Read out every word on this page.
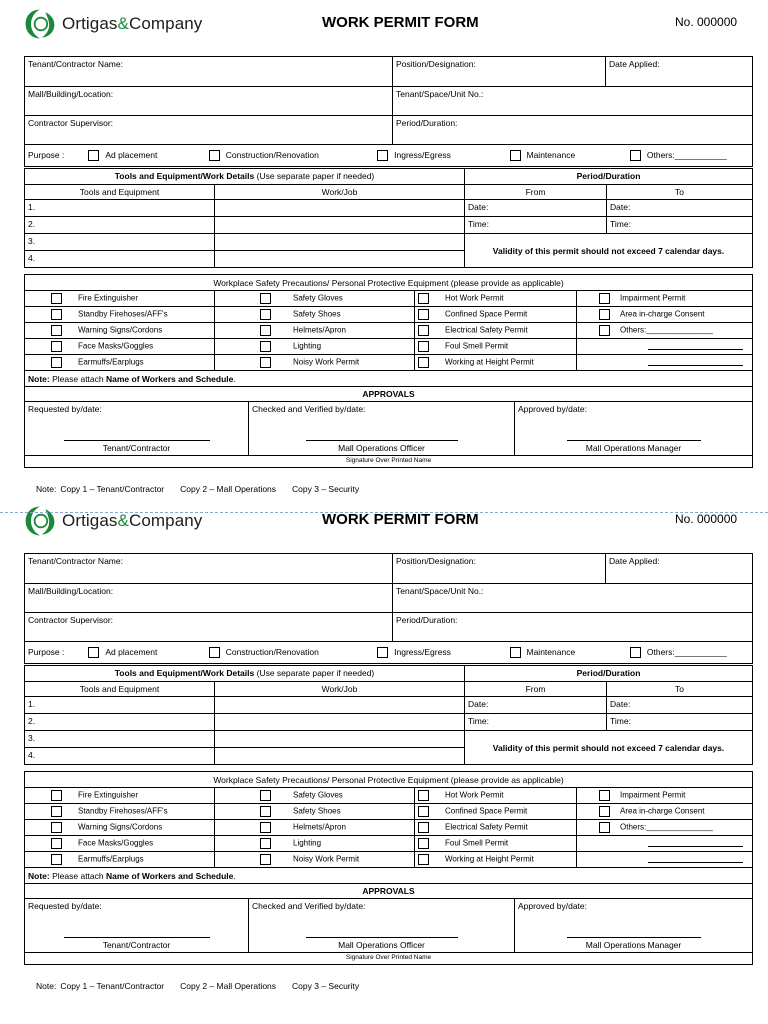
Ortigas&Company	WORK PERMIT FORM	No. 000000
Tenant/Contractor Name:	Position/Designation:	Date Applied:
Mall/Building/Location:	Tenant/Space/Unit No.:	
Contractor Supervisor:	Period/Duration:	
Purpose : Ad placement Construction/Renovation Ingress/Egress Maintenance Others:___________		
Tools and Equipment/Work Details (Use separate paper if needed)		Period/Duration	
Tools and Equipment	Work/Job	From	To
1.		Date:	Date:
2.		Time:	Time:
3.		Validity of this permit should not exceed 7 calendar days.	
4.			
Workplace Safety Precautions/ Personal Protective Equipment (please provide as applicable)			
Fire Extinguisher	Safety Gloves	Hot Work Permit	Impairment Permit
Standby Firehoses/AFF's	Safety Shoes	Confined Space Permit	Area in-charge Consent
Warning Signs/Cordons	Helmets/Apron	Electrical Safety Permit	Others:_______________
Face Masks/Goggles	Lighting	Foul Smell Permit	

Earmuffs/Earplugs	Noisy Work Permit	Working at Height Permit	

Note: Please attach Name of Workers and Schedule.			
APPROVALS

Requested by/date:
Tenant/Contractor

Checked and Verified by/date:
Mall Operations Officer

Approved by/date:
Mall Operations Manager

Signature Over Printed Name
Note: Copy 1 – Tenant/Contractor Copy 2 – Mall Operations Copy 3 – Security
Ortigas&Company	WORK PERMIT FORM	No. 000000
Tenant/Contractor Name:	Position/Designation:	Date Applied:
Mall/Building/Location:	Tenant/Space/Unit No.:	
Contractor Supervisor:	Period/Duration:	
Purpose : Ad placement Construction/Renovation Ingress/Egress Maintenance Others:___________		
Tools and Equipment/Work Details (Use separate paper if needed)		Period/Duration	
Tools and Equipment	Work/Job	From	To
1.		Date:	Date:
2.		Time:	Time:
3.		Validity of this permit should not exceed 7 calendar days.	
4.			
Workplace Safety Precautions/ Personal Protective Equipment (please provide as applicable)			
Fire Extinguisher	Safety Gloves	Hot Work Permit	Impairment Permit
Standby Firehoses/AFF's	Safety Shoes	Confined Space Permit	Area in-charge Consent
Warning Signs/Cordons	Helmets/Apron	Electrical Safety Permit	Others:_______________
Face Masks/Goggles	Lighting	Foul Smell Permit	

Earmuffs/Earplugs	Noisy Work Permit	Working at Height Permit	

Note: Please attach Name of Workers and Schedule.			
APPROVALS

Requested by/date:
Tenant/Contractor

Checked and Verified by/date:
Mall Operations Officer

Approved by/date:
Mall Operations Manager

Signature Over Printed Name
Note: Copy 1 – Tenant/Contractor Copy 2 – Mall Operations Copy 3 – Security
